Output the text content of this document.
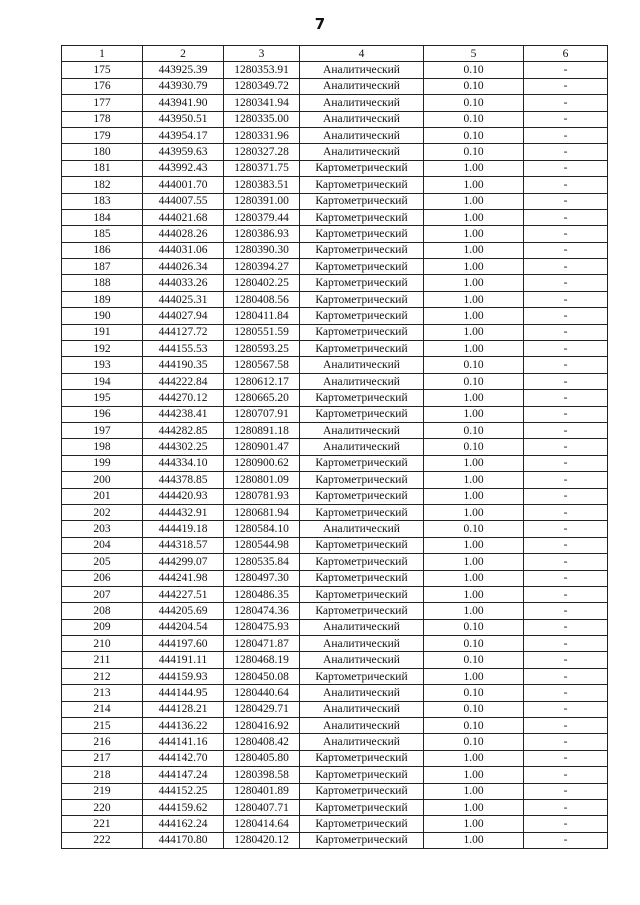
7
1	2	3	4	5	6
175	443925.39	1280353.91	Аналитический	0.10	-
176	443930.79	1280349.72	Аналитический	0.10	-
177	443941.90	1280341.94	Аналитический	0.10	-
178	443950.51	1280335.00	Аналитический	0.10	-
179	443954.17	1280331.96	Аналитический	0.10	-
180	443959.63	1280327.28	Аналитический	0.10	-
181	443992.43	1280371.75	Картометрический	1.00	-
182	444001.70	1280383.51	Картометрический	1.00	-
183	444007.55	1280391.00	Картометрический	1.00	-
184	444021.68	1280379.44	Картометрический	1.00	-
185	444028.26	1280386.93	Картометрический	1.00	-
186	444031.06	1280390.30	Картометрический	1.00	-
187	444026.34	1280394.27	Картометрический	1.00	-
188	444033.26	1280402.25	Картометрический	1.00	-
189	444025.31	1280408.56	Картометрический	1.00	-
190	444027.94	1280411.84	Картометрический	1.00	-
191	444127.72	1280551.59	Картометрический	1.00	-
192	444155.53	1280593.25	Картометрический	1.00	-
193	444190.35	1280567.58	Аналитический	0.10	-
194	444222.84	1280612.17	Аналитический	0.10	-
195	444270.12	1280665.20	Картометрический	1.00	-
196	444238.41	1280707.91	Картометрический	1.00	-
197	444282.85	1280891.18	Аналитический	0.10	-
198	444302.25	1280901.47	Аналитический	0.10	-
199	444334.10	1280900.62	Картометрический	1.00	-
200	444378.85	1280801.09	Картометрический	1.00	-
201	444420.93	1280781.93	Картометрический	1.00	-
202	444432.91	1280681.94	Картометрический	1.00	-
203	444419.18	1280584.10	Аналитический	0.10	-
204	444318.57	1280544.98	Картометрический	1.00	-
205	444299.07	1280535.84	Картометрический	1.00	-
206	444241.98	1280497.30	Картометрический	1.00	-
207	444227.51	1280486.35	Картометрический	1.00	-
208	444205.69	1280474.36	Картометрический	1.00	-
209	444204.54	1280475.93	Аналитический	0.10	-
210	444197.60	1280471.87	Аналитический	0.10	-
211	444191.11	1280468.19	Аналитический	0.10	-
212	444159.93	1280450.08	Картометрический	1.00	-
213	444144.95	1280440.64	Аналитический	0.10	-
214	444128.21	1280429.71	Аналитический	0.10	-
215	444136.22	1280416.92	Аналитический	0.10	-
216	444141.16	1280408.42	Аналитический	0.10	-
217	444142.70	1280405.80	Картометрический	1.00	-
218	444147.24	1280398.58	Картометрический	1.00	-
219	444152.25	1280401.89	Картометрический	1.00	-
220	444159.62	1280407.71	Картометрический	1.00	-
221	444162.24	1280414.64	Картометрический	1.00	-
222	444170.80	1280420.12	Картометрический	1.00	-
